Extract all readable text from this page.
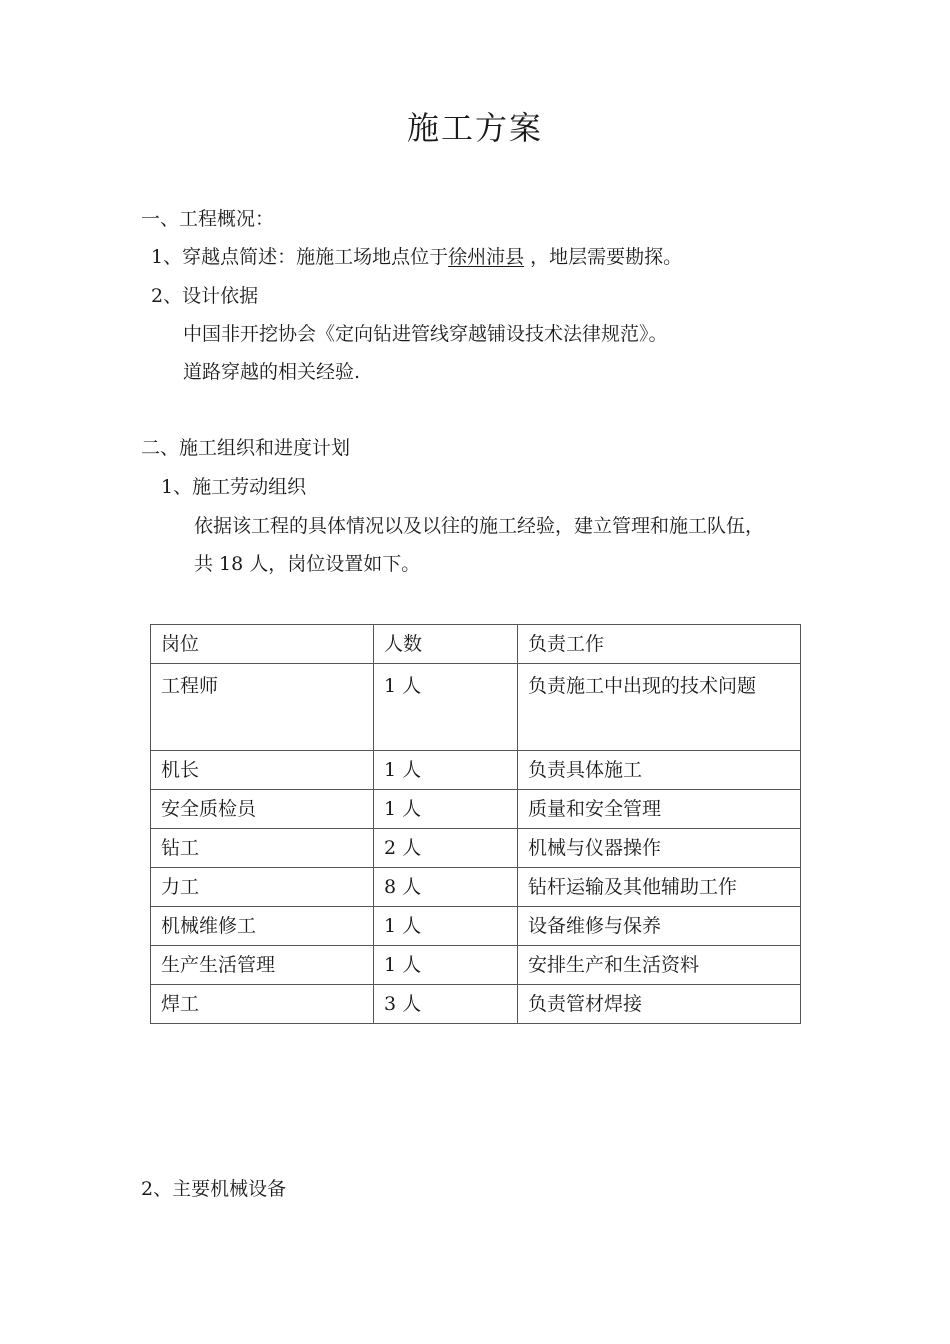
施工方案
一、工程概况：
1、穿越点简述：施施工场地点位于徐州沛县 ，地层需要勘探。
2、设计依据
中国非开挖协会《定向钻进管线穿越铺设技术法律规范》。
道路穿越的相关经验.
二、施工组织和进度计划
1、施工劳动组织
依据该工程的具体情况以及以往的施工经验，建立管理和施工队伍，
共 18 人，岗位设置如下。
岗位	人数	负责工作
工程师	1 人	负责施工中出现的技术问题
机长	1 人	负责具体施工
安全质检员	1 人	质量和安全管理
钻工	2 人	机械与仪器操作
力工	8 人	钻杆运输及其他辅助工作
机械维修工	1 人	设备维修与保养
生产生活管理	1 人	安排生产和生活资料
焊工	3 人	负责管材焊接
2、主要机械设备
